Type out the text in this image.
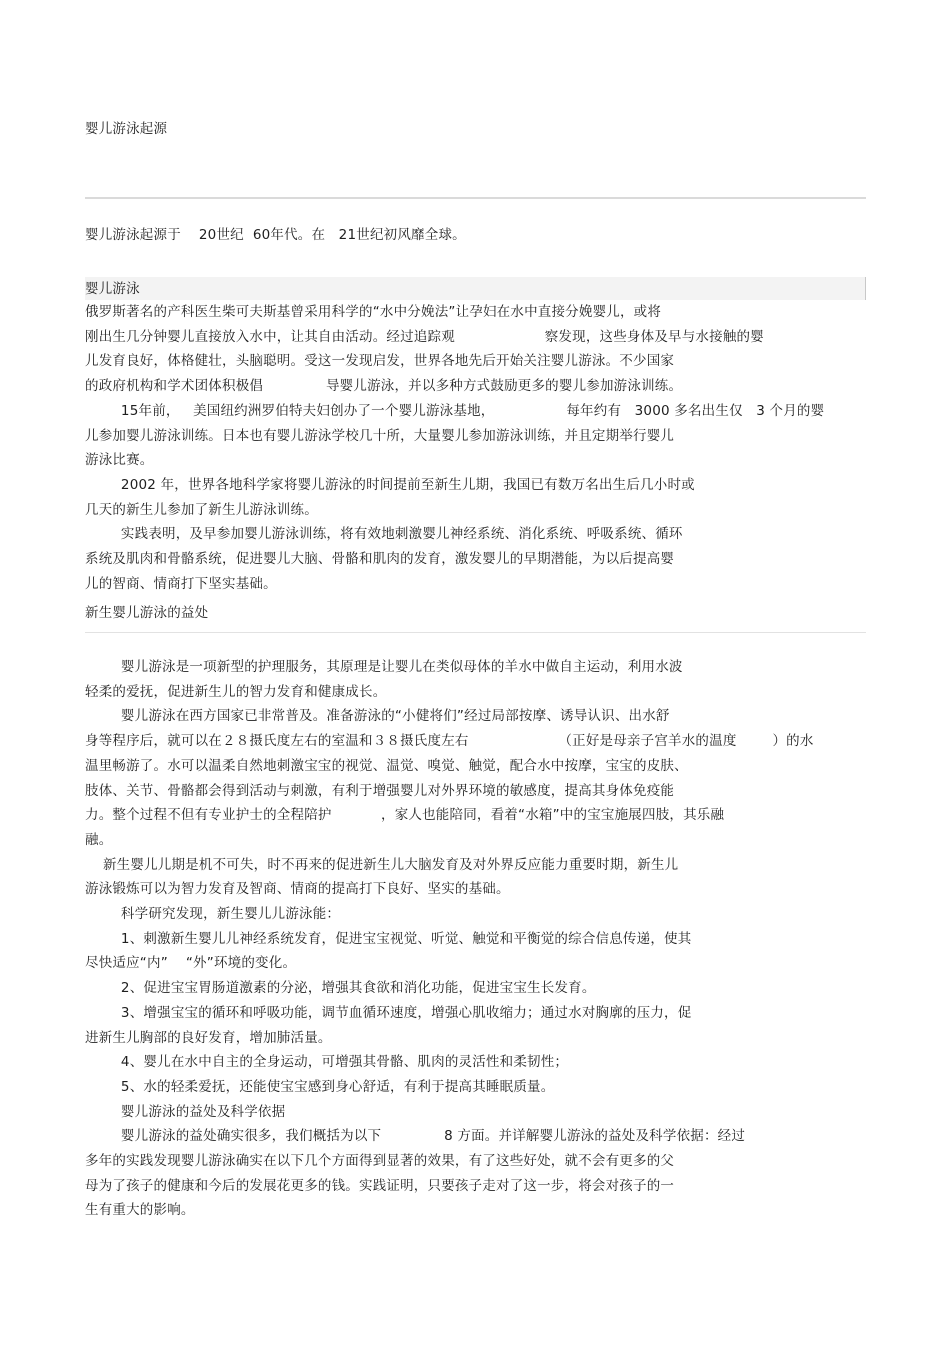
婴儿游泳起源
婴儿游泳起源于    20世纪  60年代。在   21世纪初风靡全球。
婴儿游泳
俄罗斯著名的产科医生柴可夫斯基曾采用科学的“水中分娩法”让孕妇在水中直接分娩婴儿，或将
刚出生几分钟婴儿直接放入水中，让其自由活动。经过追踪观                    察发现，这些身体及早与水接触的婴
儿发育良好，体格健壮，头脑聪明。受这一发现启发，世界各地先后开始关注婴儿游泳。不少国家
的政府机构和学术团体积极倡              导婴儿游泳，并以多种方式鼓励更多的婴儿参加游泳训练。
15年前，   美国纽约洲罗伯特夫妇创办了一个婴儿游泳基地，                每年约有   3000 多名出生仅   3 个月的婴
儿参加婴儿游泳训练。日本也有婴儿游泳学校几十所，大量婴儿参加游泳训练，并且定期举行婴儿
游泳比赛。
2002 年，世界各地科学家将婴儿游泳的时间提前至新生儿期，我国已有数万名出生后几小时或
几天的新生儿参加了新生儿游泳训练。
实践表明，及早参加婴儿游泳训练，将有效地刺激婴儿神经系统、消化系统、呼吸系统、循环
系统及肌肉和骨骼系统，促进婴儿大脑、骨骼和肌肉的发育，激发婴儿的早期潜能，为以后提高婴
儿的智商、情商打下坚实基础。
新生婴儿游泳的益处
婴儿游泳是一项新型的护理服务，其原理是让婴儿在类似母体的羊水中做自主运动，利用水波
轻柔的爱抚，促进新生儿的智力发育和健康成长。
婴儿游泳在西方国家已非常普及。准备游泳的“小健将们”经过局部按摩、诱导认识、出水舒
身等程序后，就可以在２８摄氏度左右的室温和３８摄氏度左右                    （正好是母亲子宫羊水的温度        ）的水
温里畅游了。水可以温柔自然地刺激宝宝的视觉、温觉、嗅觉、触觉，配合水中按摩，宝宝的皮肤、
肢体、关节、骨骼都会得到活动与刺激，有利于增强婴儿对外界环境的敏感度，提高其身体免疫能
力。整个过程不但有专业护士的全程陪护           ，家人也能陪同，看着“水箱”中的宝宝施展四肢，其乐融
融。
新生婴儿儿期是机不可失，时不再来的促进新生儿大脑发育及对外界反应能力重要时期，新生儿
游泳锻炼可以为智力发育及智商、情商的提高打下良好、坚实的基础。
科学研究发现，新生婴儿儿游泳能：
1、刺激新生婴儿儿神经系统发育，促进宝宝视觉、听觉、触觉和平衡觉的综合信息传递，使其
尽快适应“内”    “外”环境的变化。
2、促进宝宝胃肠道激素的分泌，增强其食欲和消化功能，促进宝宝生长发育。
3、增强宝宝的循环和呼吸功能，调节血循环速度，增强心肌收缩力；通过水对胸廓的压力，促
进新生儿胸部的良好发育，增加肺活量。
4、婴儿在水中自主的全身运动，可增强其骨骼、肌肉的灵活性和柔韧性；
5、水的轻柔爱抚，还能使宝宝感到身心舒适，有利于提高其睡眠质量。
婴儿游泳的益处及科学依据
婴儿游泳的益处确实很多，我们概括为以下              8 方面。并详解婴儿游泳的益处及科学依据：经过
多年的实践发现婴儿游泳确实在以下几个方面得到显著的效果，有了这些好处，就不会有更多的父
母为了孩子的健康和今后的发展花更多的钱。实践证明，只要孩子走对了这一步，将会对孩子的一
生有重大的影响。
